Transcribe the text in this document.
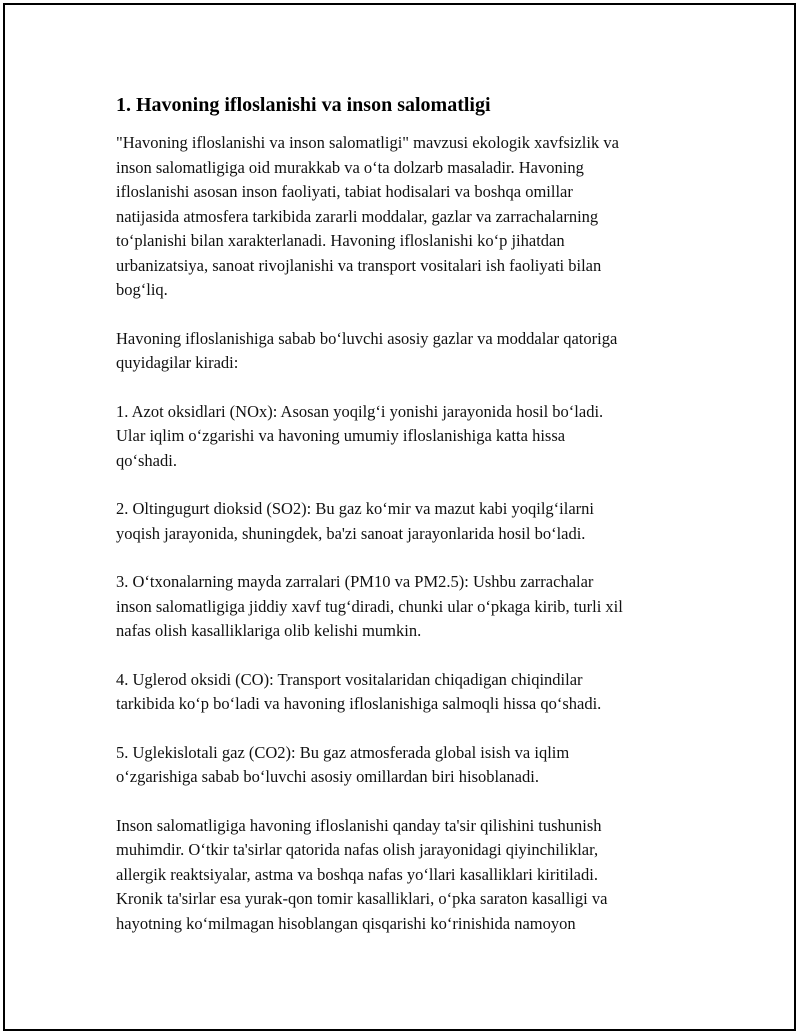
1. Havoning ifloslanishi va inson salomatligi

"Havoning ifloslanishi va inson salomatligi" mavzusi ekologik xavfsizlik va
inson salomatligiga oid murakkab va o‘ta dolzarb masaladir. Havoning
ifloslanishi asosan inson faoliyati, tabiat hodisalari va boshqa omillar
natijasida atmosfera tarkibida zararli moddalar, gazlar va zarrachalarning
to‘planishi bilan xarakterlanadi. Havoning ifloslanishi ko‘p jihatdan
urbanizatsiya, sanoat rivojlanishi va transport vositalari ish faoliyati bilan
bog‘liq.

Havoning ifloslanishiga sabab bo‘luvchi asosiy gazlar va moddalar qatoriga
quyidagilar kiradi:

1. Azot oksidlari (NOx): Asosan yoqilg‘i yonishi jarayonida hosil bo‘ladi.
Ular iqlim o‘zgarishi va havoning umumiy ifloslanishiga katta hissa
qo‘shadi.

2. Oltingugurt dioksid (SO2): Bu gaz ko‘mir va mazut kabi yoqilg‘ilarni
yoqish jarayonida, shuningdek, ba'zi sanoat jarayonlarida hosil bo‘ladi.

3. O‘txonalarning mayda zarralari (PM10 va PM2.5): Ushbu zarrachalar
inson salomatligiga jiddiy xavf tug‘diradi, chunki ular o‘pkaga kirib, turli xil
nafas olish kasalliklariga olib kelishi mumkin.

4. Uglerod oksidi (CO): Transport vositalaridan chiqadigan chiqindilar
tarkibida ko‘p bo‘ladi va havoning ifloslanishiga salmoqli hissa qo‘shadi.

5. Uglekislotali gaz (CO2): Bu gaz atmosferada global isish va iqlim
o‘zgarishiga sabab bo‘luvchi asosiy omillardan biri hisoblanadi.

Inson salomatligiga havoning ifloslanishi qanday ta'sir qilishini tushunish
muhimdir. O‘tkir ta'sirlar qatorida nafas olish jarayonidagi qiyinchiliklar,
allergik reaktsiyalar, astma va boshqa nafas yo‘llari kasalliklari kiritiladi.
Kronik ta'sirlar esa yurak-qon tomir kasalliklari, o‘pka saraton kasalligi va
hayotning ko‘milmagan hisoblangan qisqarishi ko‘rinishida namoyon
